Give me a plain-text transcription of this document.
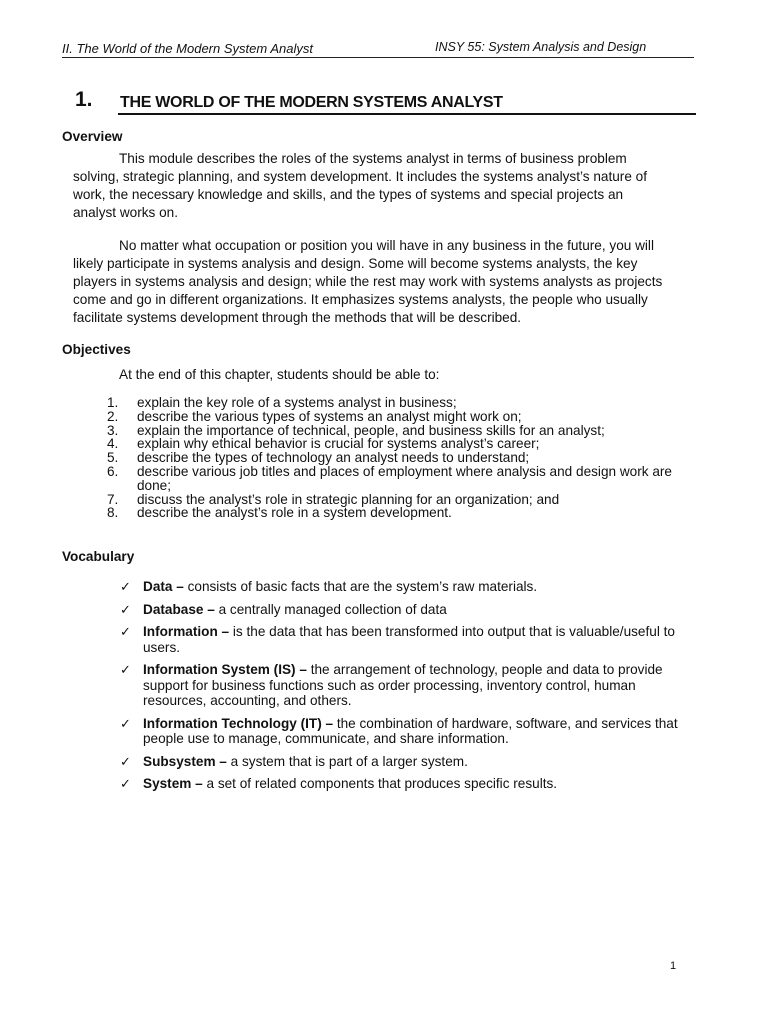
II. The World of the Modern System Analyst	INSY 55: System Analysis and Design
1. THE WORLD OF THE MODERN SYSTEMS ANALYST
Overview
This module describes the roles of the systems analyst in terms of business problem
solving, strategic planning, and system development. It includes the systems analyst’s nature of
work, the necessary knowledge and skills, and the types of systems and special projects an
analyst works on.
No matter what occupation or position you will have in any business in the future, you will
likely participate in systems analysis and design. Some will become systems analysts, the key
players in systems analysis and design; while the rest may work with systems analysts as projects
come and go in different organizations. It emphasizes systems analysts, the people who usually
facilitate systems development through the methods that will be described.
Objectives
At the end of this chapter, students should be able to:
1. explain the key role of a systems analyst in business;
2. describe the various types of systems an analyst might work on;
3. explain the importance of technical, people, and business skills for an analyst;
4. explain why ethical behavior is crucial for systems analyst’s career;
5. describe the types of technology an analyst needs to understand;
6. describe various job titles and places of employment where analysis and design work are done;
7. discuss the analyst’s role in strategic planning for an organization; and
8. describe the analyst’s role in a system development.
Vocabulary
✓ Data – consists of basic facts that are the system’s raw materials.
✓ Database – a centrally managed collection of data
✓ Information – is the data that has been transformed into output that is valuable/useful to users.
✓ Information System (IS) – the arrangement of technology, people and data to provide support for business functions such as order processing, inventory control, human resources, accounting, and others.
✓ Information Technology (IT) – the combination of hardware, software, and services that people use to manage, communicate, and share information.
✓ Subsystem – a system that is part of a larger system.
✓ System – a set of related components that produces specific results.
1
